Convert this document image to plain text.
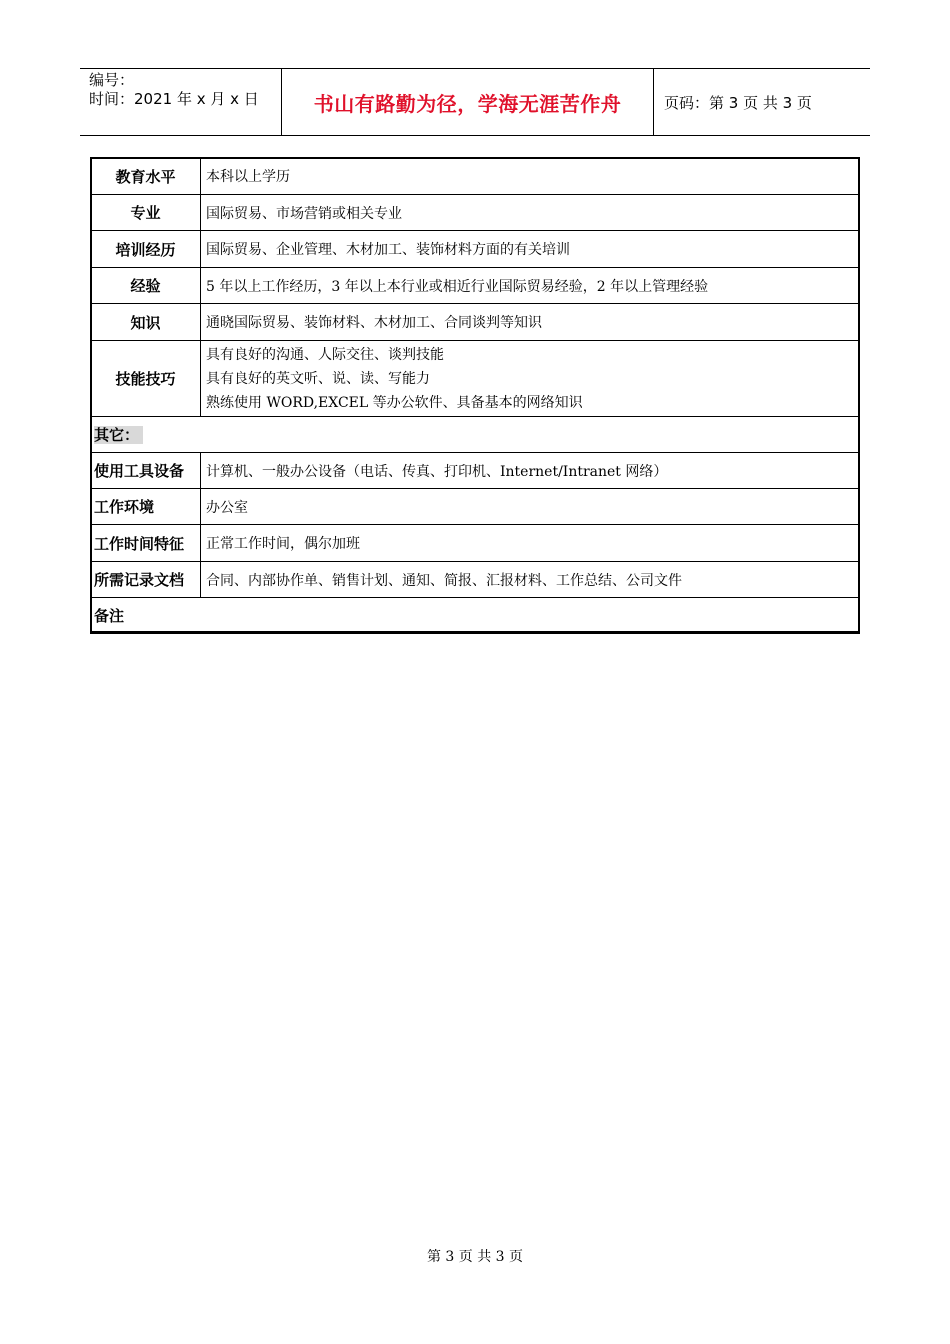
编号：
时间：2021 年 x 月 x 日	书山有路勤为径，学海无涯苦作舟	页码：第 3 页 共 3 页
教育水平	本科以上学历
专业	国际贸易、市场营销或相关专业
培训经历	国际贸易、企业管理、木材加工、装饰材料方面的有关培训
经验	5 年以上工作经历，3 年以上本行业或相近行业国际贸易经验，2 年以上管理经验
知识	通晓国际贸易、装饰材料、木材加工、合同谈判等知识
技能技巧	具有良好的沟通、人际交往、谈判技能
具有良好的英文听、说、读、写能力
熟练使用 WORD,EXCEL 等办公软件、具备基本的网络知识

其它：	
使用工具设备	计算机、一般办公设备（电话、传真、打印机、Internet/Intranet 网络）
工作环境	办公室
工作时间特征	正常工作时间，偶尔加班
所需记录文档	合同、内部协作单、销售计划、通知、简报、汇报材料、工作总结、公司文件
备注	
第 3 页 共 3 页
